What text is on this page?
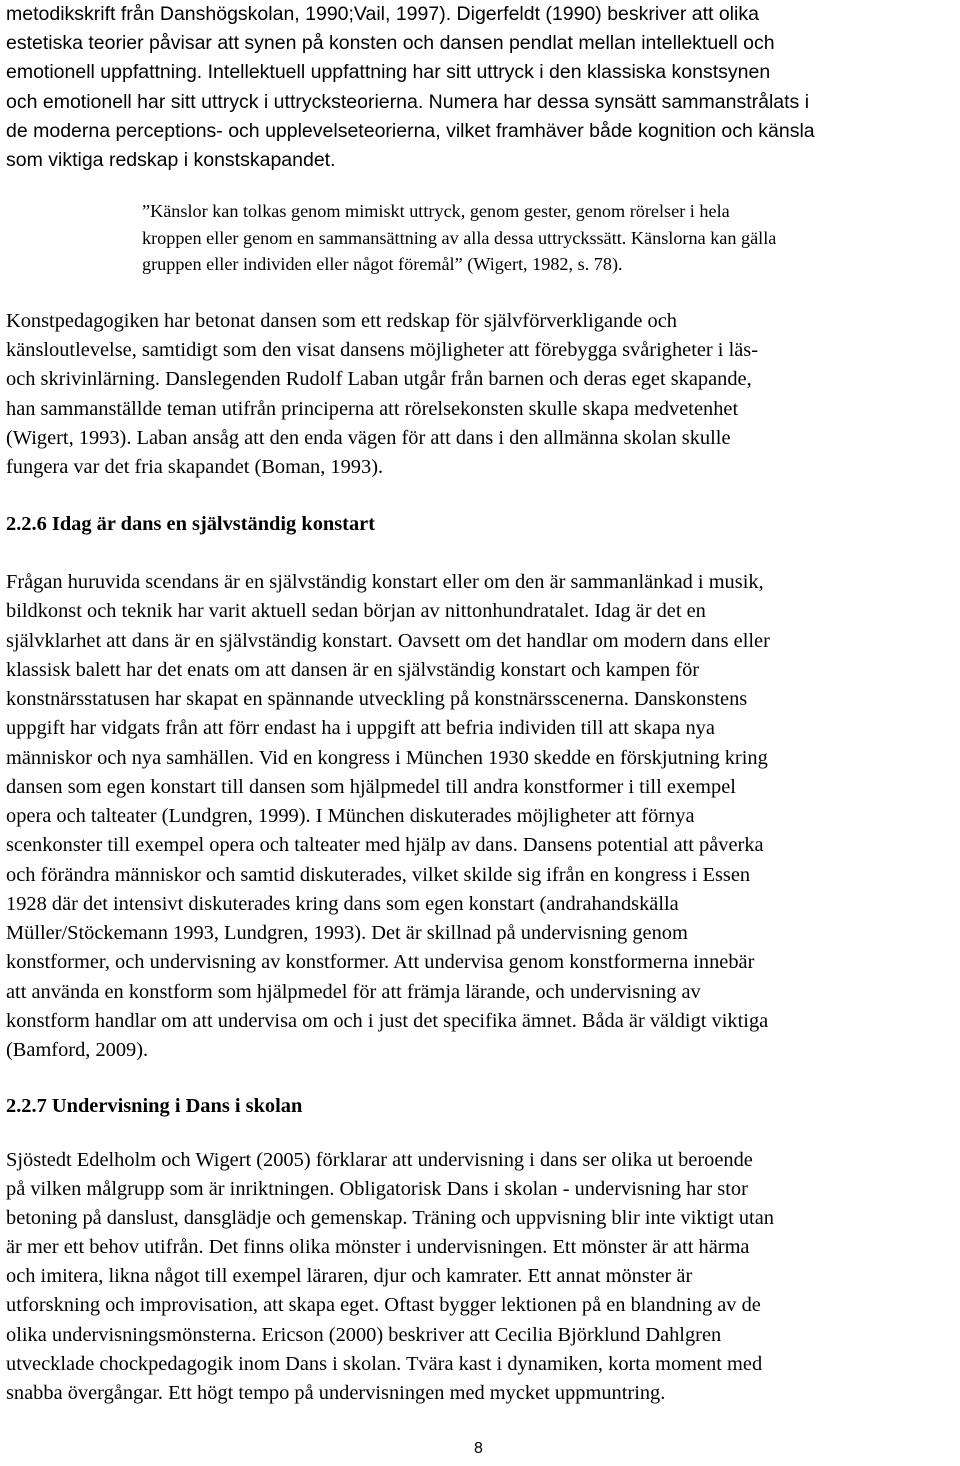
metodikskrift från Danshögskolan, 1990;Vail, 1997). Digerfeldt (1990) beskriver att olika
estetiska teorier påvisar att synen på konsten och dansen pendlat mellan intellektuell och
emotionell uppfattning. Intellektuell uppfattning har sitt uttryck i den klassiska konstsynen
och emotionell har sitt uttryck i uttrycksteorierna. Numera har dessa synsätt sammanstrålats i
de moderna perceptions- och upplevelseteorierna, vilket framhäver både kognition och känsla
som viktiga redskap i konstskapandet.
”Känslor kan tolkas genom mimiskt uttryck, genom gester, genom rörelser i hela
kroppen eller genom en sammansättning av alla dessa uttryckssätt. Känslorna kan gälla
gruppen eller individen eller något föremål” (Wigert, 1982, s. 78).
Konstpedagogiken har betonat dansen som ett redskap för självförverkligande och
känsloutlevelse, samtidigt som den visat dansens möjligheter att förebygga svårigheter i läs-
och skrivinlärning. Danslegenden Rudolf Laban utgår från barnen och deras eget skapande,
han sammanställde teman utifrån principerna att rörelsekonsten skulle skapa medvetenhet
(Wigert, 1993). Laban ansåg att den enda vägen för att dans i den allmänna skolan skulle
fungera var det fria skapandet (Boman, 1993).
2.2.6 Idag är dans en självständig konstart
Frågan huruvida scendans är en självständig konstart eller om den är sammanlänkad i musik,
bildkonst och teknik har varit aktuell sedan början av nittonhundratalet. Idag är det en
självklarhet att dans är en självständig konstart. Oavsett om det handlar om modern dans eller
klassisk balett har det enats om att dansen är en självständig konstart och kampen för
konstnärsstatusen har skapat en spännande utveckling på konstnärsscenerna. Danskonstens
uppgift har vidgats från att förr endast ha i uppgift att befria individen till att skapa nya
människor och nya samhällen. Vid en kongress i München 1930 skedde en förskjutning kring
dansen som egen konstart till dansen som hjälpmedel till andra konstformer i till exempel
opera och talteater (Lundgren, 1999). I München diskuterades möjligheter att förnya
scenkonster till exempel opera och talteater med hjälp av dans. Dansens potential att påverka
och förändra människor och samtid diskuterades, vilket skilde sig ifrån en kongress i Essen
1928 där det intensivt diskuterades kring dans som egen konstart (andrahandskälla
Müller/Stöckemann 1993, Lundgren, 1993). Det är skillnad på undervisning genom
konstformer, och undervisning av konstformer. Att undervisa genom konstformerna innebär
att använda en konstform som hjälpmedel för att främja lärande, och undervisning av
konstform handlar om att undervisa om och i just det specifika ämnet. Båda är väldigt viktiga
(Bamford, 2009).
2.2.7 Undervisning i Dans i skolan
Sjöstedt Edelholm och Wigert (2005) förklarar att undervisning i dans ser olika ut beroende
på vilken målgrupp som är inriktningen. Obligatorisk Dans i skolan - undervisning har stor
betoning på danslust, dansglädje och gemenskap. Träning och uppvisning blir inte viktigt utan
är mer ett behov utifrån. Det finns olika mönster i undervisningen. Ett mönster är att härma
och imitera, likna något till exempel läraren, djur och kamrater. Ett annat mönster är
utforskning och improvisation, att skapa eget. Oftast bygger lektionen på en blandning av de
olika undervisningsmönsterna. Ericson (2000) beskriver att Cecilia Björklund Dahlgren
utvecklade chockpedagogik inom Dans i skolan. Tvära kast i dynamiken, korta moment med
snabba övergångar. Ett högt tempo på undervisningen med mycket uppmuntring.
8
